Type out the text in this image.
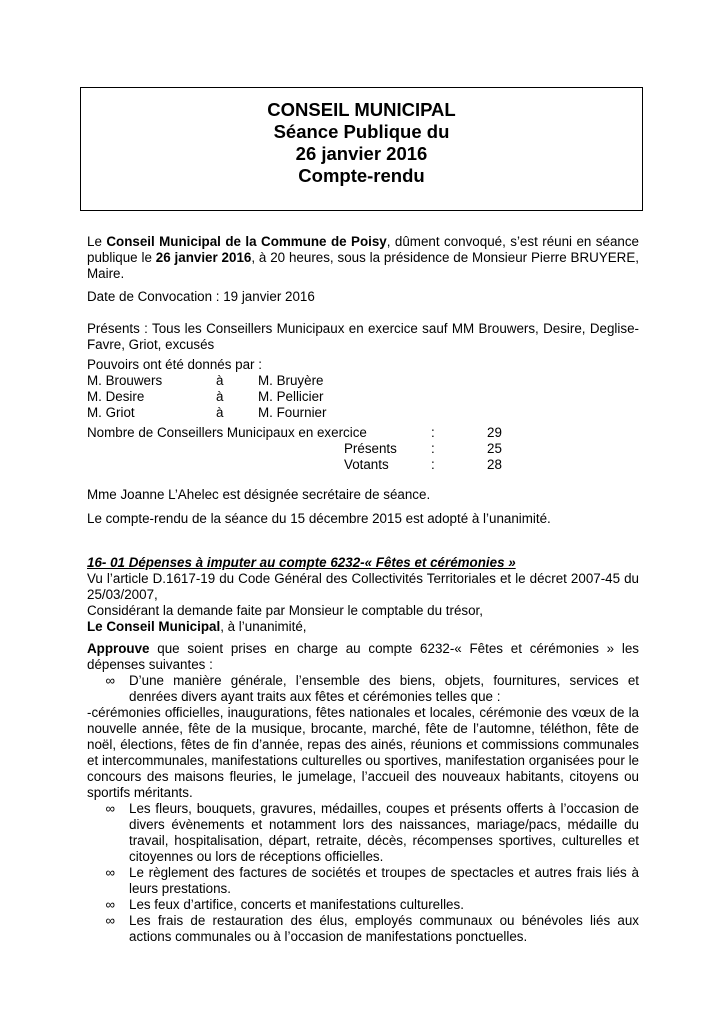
CONSEIL MUNICIPAL
Séance Publique du
26 janvier 2016
Compte-rendu
Le Conseil Municipal de la Commune de Poisy, dûment convoqué, s’est réuni en séance publique le 26 janvier 2016, à 20 heures, sous la présidence de Monsieur Pierre BRUYERE, Maire.
Date de Convocation : 19 janvier 2016
Présents : Tous les Conseillers Municipaux en exercice sauf MM Brouwers, Desire, Deglise-Favre, Griot, excusés
Pouvoirs ont été donnés par :
M. Brouwers	à	M. Bruyère
M. Desire	à	M. Pellicier
M. Griot	à	M. Fournier
Nombre de Conseillers Municipaux en exercice	:	29
Présents	:	25
Votants	:	28
Mme Joanne L’Ahelec est désignée secrétaire de séance.
Le compte-rendu de la séance du 15 décembre 2015 est adopté à l’unanimité.
16- 01 Dépenses à imputer au compte 6232-« Fêtes et cérémonies »
Vu l’article D.1617-19 du Code Général des Collectivités Territoriales et le décret 2007-45 du 25/03/2007,
Considérant la demande faite par Monsieur le comptable du trésor,
Le Conseil Municipal, à l’unanimité,
Approuve que soient prises en charge au compte 6232-« Fêtes et cérémonies » les dépenses suivantes :
∞	D’une manière générale, l’ensemble des biens, objets, fournitures, services et denrées divers ayant traits aux fêtes et cérémonies telles que :
-cérémonies officielles, inaugurations, fêtes nationales et locales, cérémonie des vœux de la nouvelle année, fête de la musique, brocante, marché, fête de l’automne, téléthon, fête de noël, élections, fêtes de fin d’année, repas des ainés, réunions et commissions communales et intercommunales, manifestations culturelles ou sportives, manifestation organisées pour le concours des maisons fleuries, le jumelage, l’accueil des nouveaux habitants, citoyens ou sportifs méritants.
∞	Les fleurs, bouquets, gravures, médailles, coupes et présents offerts à l’occasion de divers évènements et notamment lors des naissances, mariage/pacs, médaille du travail, hospitalisation, départ, retraite, décès, récompenses sportives, culturelles et citoyennes ou lors de réceptions officielles.
∞	Le règlement des factures de sociétés et troupes de spectacles et autres frais liés à leurs prestations.
∞	Les feux d’artifice, concerts et manifestations culturelles.
∞	Les frais de restauration des élus, employés communaux ou bénévoles liés aux actions communales ou à l’occasion de manifestations ponctuelles.
